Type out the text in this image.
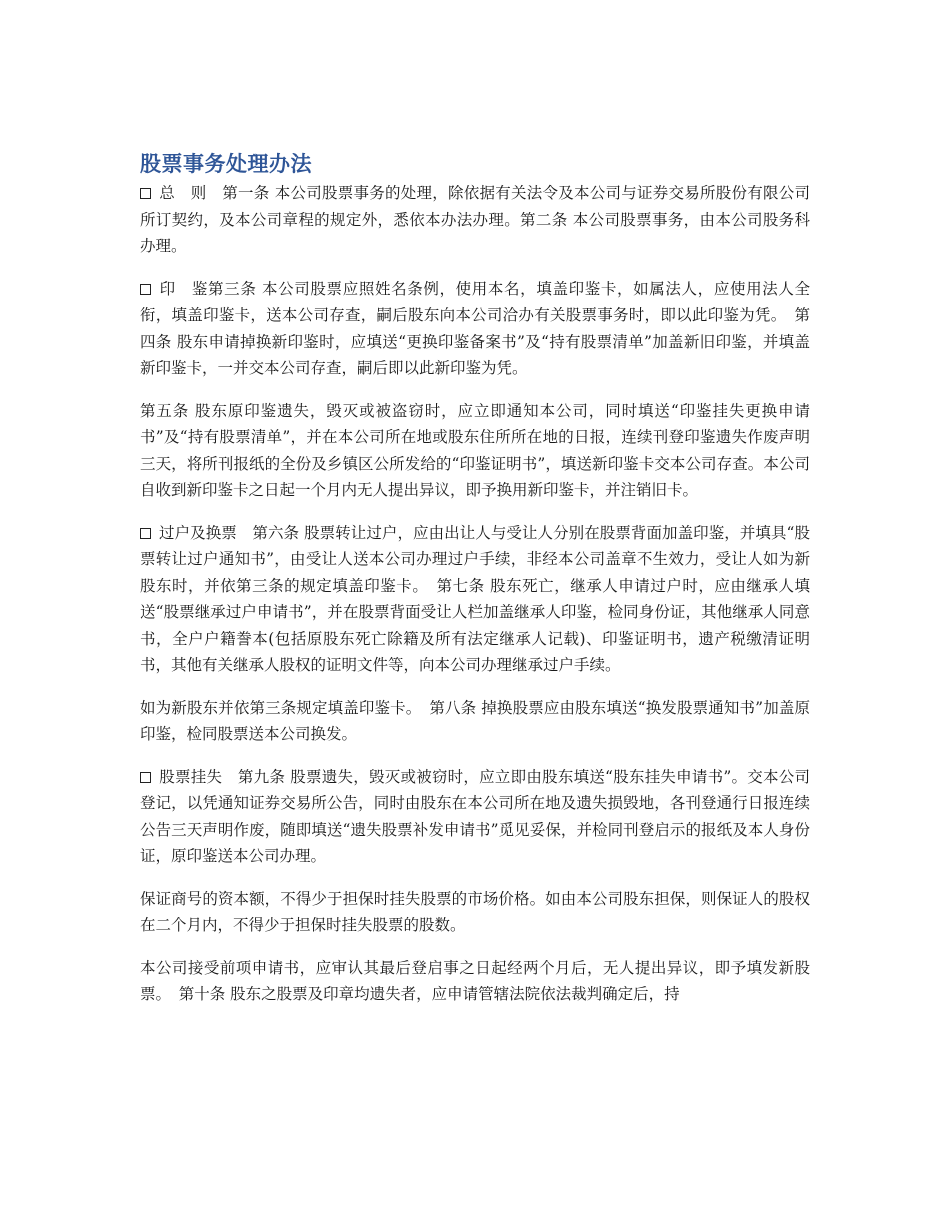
股票事务处理办法

总　则　第一条 本公司股票事务的处理，除依据有关法令及本公司与证券交易所股份有限公司所订契约，及本公司章程的规定外，悉依本办法办理。第二条 本公司股票事务，由本公司股务科办理。

印　鉴第三条 本公司股票应照姓名条例，使用本名，填盖印鉴卡，如属法人，应使用法人全衔，填盖印鉴卡，送本公司存查，嗣后股东向本公司洽办有关股票事务时，即以此印鉴为凭。　第四条 股东申请掉换新印鉴时，应填送“更换印鉴备案书”及“持有股票清单”加盖新旧印鉴，并填盖新印鉴卡，一并交本公司存查，嗣后即以此新印鉴为凭。

第五条 股东原印鉴遗失，毁灭或被盗窃时，应立即通知本公司，同时填送“印鉴挂失更换申请书”及“持有股票清单”，并在本公司所在地或股东住所所在地的日报，连续刊登印鉴遗失作废声明三天，将所刊报纸的全份及乡镇区公所发给的“印鉴证明书”，填送新印鉴卡交本公司存查。本公司自收到新印鉴卡之日起一个月内无人提出异议，即予换用新印鉴卡，并注销旧卡。

过户及换票　第六条 股票转让过户，应由出让人与受让人分别在股票背面加盖印鉴，并填具“股票转让过户通知书”，由受让人送本公司办理过户手续，非经本公司盖章不生效力，受让人如为新股东时，并依第三条的规定填盖印鉴卡。　第七条 股东死亡，继承人申请过户时，应由继承人填送“股票继承过户申请书”，并在股票背面受让人栏加盖继承人印鉴，检同身份证，其他继承人同意书，全户户籍誊本(包括原股东死亡除籍及所有法定继承人记载)、印鉴证明书，遗产税缴清证明书，其他有关继承人股权的证明文件等，向本公司办理继承过户手续。

如为新股东并依第三条规定填盖印鉴卡。　第八条 掉换股票应由股东填送“换发股票通知书”加盖原印鉴，检同股票送本公司换发。

股票挂失　第九条 股票遗失，毁灭或被窃时，应立即由股东填送“股东挂失申请书”。交本公司登记，以凭通知证券交易所公告，同时由股东在本公司所在地及遗失损毁地，各刊登通行日报连续公告三天声明作废，随即填送“遗失股票补发申请书”觅见妥保，并检同刊登启示的报纸及本人身份证，原印鉴送本公司办理。

保证商号的资本额，不得少于担保时挂失股票的市场价格。如由本公司股东担保，则保证人的股权在二个月内，不得少于担保时挂失股票的股数。

本公司接受前项申请书，应审认其最后登启事之日起经两个月后，无人提出异议，即予填发新股票。　第十条 股东之股票及印章均遗失者，应申请管辖法院依法裁判确定后，持
